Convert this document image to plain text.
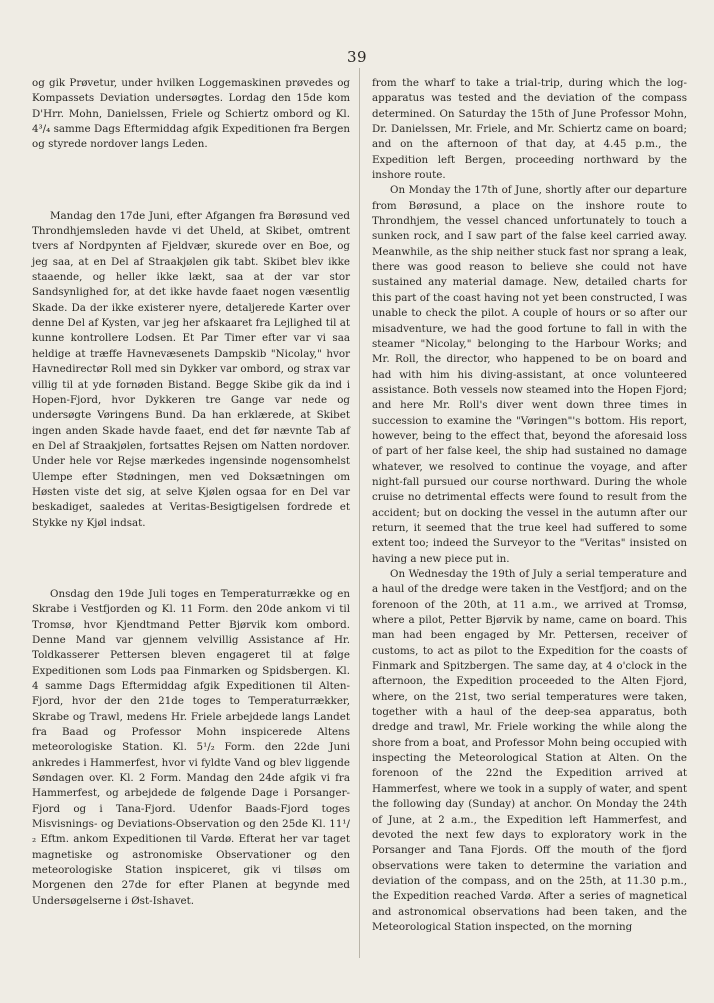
39

og gik Prøvetur, under hvilken Loggemaskinen prøvedes og Kompassets Deviation undersøgtes. Lordag den 15de kom D'Hrr. Mohn, Danielssen, Friele og Schiertz ombord og Kl. 4³/₄ samme Dags Eftermiddag afgik Expeditionen fra Bergen og styrede nordover langs Leden.

Mandag den 17de Juni, efter Afgangen fra Børøsund ved Throndhjemsleden havde vi det Uheld, at Skibet, omtrent tvers af Nordpynten af Fjeldvær, skurede over en Boe, og jeg saa, at en Del af Straakjølen gik tabt. Skibet blev ikke staaende, og heller ikke lækt, saa at der var stor Sandsynlighed for, at det ikke havde faaet nogen væsentlig Skade. Da der ikke existerer nyere, detaljerede Karter over denne Del af Kysten, var jeg her afskaaret fra Lejlighed til at kunne kontrollere Lodsen. Et Par Timer efter var vi saa heldige at træffe Havnevæsenets Dampskib "Nicolay," hvor Havnedirectør Roll med sin Dykker var ombord, og strax var villig til at yde fornøden Bistand. Begge Skibe gik da ind i Hopen-Fjord, hvor Dykkeren tre Gange var nede og undersøgte Vøringens Bund. Da han erklærede, at Skibet ingen anden Skade havde faaet, end det før nævnte Tab af en Del af Straakjølen, fortsattes Rejsen om Natten nordover. Under hele vor Rejse mærkedes ingensinde nogensomhelst Ulempe efter Stødningen, men ved Doksætningen om Høsten viste det sig, at selve Kjølen ogsaa for en Del var beskadiget, saaledes at Veritas-Besigtigelsen fordrede et Stykke ny Kjøl indsat.

Onsdag den 19de Juli toges en Temperaturrække og en Skrabe i Vestfjorden og Kl. 11 Form. den 20de ankom vi til Tromsø, hvor Kjendtmand Petter Bjørvik kom ombord. Denne Mand var gjennem velvillig Assistance af Hr. Toldkasserer Pettersen bleven engageret til at følge Expeditionen som Lods paa Finmarken og Spidsbergen. Kl. 4 samme Dags Eftermiddag afgik Expeditionen til Alten-Fjord, hvor der den 21de toges to Temperaturrækker, Skrabe og Trawl, medens Hr. Friele arbejdede langs Landet fra Baad og Professor Mohn inspicerede Altens meteorologiske Station. Kl. 5¹/₂ Form. den 22de Juni ankredes i Hammerfest, hvor vi fyldte Vand og blev liggende Søndagen over. Kl. 2 Form. Mandag den 24de afgik vi fra Hammerfest, og arbejdede de følgende Dage i Porsanger-Fjord og i Tana-Fjord. Udenfor Baads-Fjord toges Misvisnings- og Deviations-Observation og den 25de Kl. 11¹/₂ Eftm. ankom Expeditionen til Vardø. Efterat her var taget magnetiske og astronomiske Observationer og den meteorologiske Station inspiceret, gik vi tilsøs om Morgenen den 27de for efter Planen at begynde med Undersøgelserne i Øst-Ishavet.

from the wharf to take a trial-trip, during which the log-apparatus was tested and the deviation of the compass determined. On Saturday the 15th of June Professor Mohn, Dr. Danielssen, Mr. Friele, and Mr. Schiertz came on board; and on the afternoon of that day, at 4.45 p.m., the Expedition left Bergen, proceeding northward by the inshore route.

On Monday the 17th of June, shortly after our departure from Børøsund, a place on the inshore route to Throndhjem, the vessel chanced unfortunately to touch a sunken rock, and I saw part of the false keel carried away. Meanwhile, as the ship neither stuck fast nor sprang a leak, there was good reason to believe she could not have sustained any material damage. New, detailed charts for this part of the coast having not yet been constructed, I was unable to check the pilot. A couple of hours or so after our misadventure, we had the good fortune to fall in with the steamer "Nicolay," belonging to the Harbour Works; and Mr. Roll, the director, who happened to be on board and had with him his diving-assistant, at once volunteered assistance. Both vessels now steamed into the Hopen Fjord; and here Mr. Roll's diver went down three times in succession to examine the "Vøringen"'s bottom. His report, however, being to the effect that, beyond the aforesaid loss of part of her false keel, the ship had sustained no damage whatever, we resolved to continue the voyage, and after night-fall pursued our course northward. During the whole cruise no detrimental effects were found to result from the accident; but on docking the vessel in the autumn after our return, it seemed that the true keel had suffered to some extent too; indeed the Surveyor to the "Veritas" insisted on having a new piece put in.

On Wednesday the 19th of July a serial temperature and a haul of the dredge were taken in the Vestfjord; and on the forenoon of the 20th, at 11 a.m., we arrived at Tromsø, where a pilot, Petter Bjørvik by name, came on board. This man had been engaged by Mr. Pettersen, receiver of customs, to act as pilot to the Expedition for the coasts of Finmark and Spitzbergen. The same day, at 4 o'clock in the afternoon, the Expedition proceeded to the Alten Fjord, where, on the 21st, two serial temperatures were taken, together with a haul of the deep-sea apparatus, both dredge and trawl, Mr. Friele working the while along the shore from a boat, and Professor Mohn being occupied with inspecting the Meteorological Station at Alten. On the forenoon of the 22nd the Expedition arrived at Hammerfest, where we took in a supply of water, and spent the following day (Sunday) at anchor. On Monday the 24th of June, at 2 a.m., the Expedition left Hammerfest, and devoted the next few days to exploratory work in the Porsanger and Tana Fjords. Off the mouth of the fjord observations were taken to determine the variation and deviation of the compass, and on the 25th, at 11.30 p.m., the Expedition reached Vardø. After a series of magnetical and astronomical observations had been taken, and the Meteorological Station inspected, on the morning
